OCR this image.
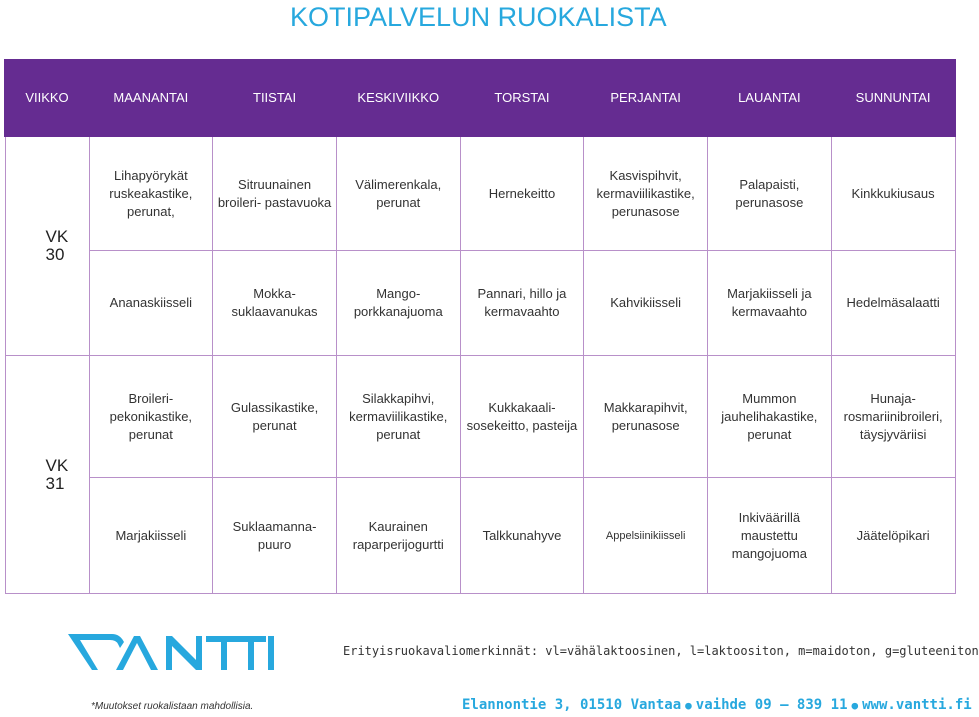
KOTIPALVELUN RUOKALISTA
VIIKKO	MAANANTAI	TIISTAI	KESKIVIIKKO	TORSTAI	PERJANTAI	LAUANTAI	SUNNUNTAI

VK 30	Lihapyörykät ruskeakastike, perunat,	Sitruunainen broileri- pastavuoka	Välimerenkala, perunat	Hernekeitto	Kasvispihvit, kermaviilikastike, perunasose	Palapaisti, perunasose	Kinkkukiusaus
	Ananaskiisseli	Mokka- suklaavanukas	Mango- porkkanajuoma	Pannari, hillo ja kermavaahto	Kahvikiisseli	Marjakiisseli ja kermavaahto	Hedelmäsalaatti

VK 31	Broileri- pekonikastike, perunat	Gulassikastike, perunat	Silakkapihvi, kermaviilikastike, perunat	Kukkakaali- sosekeitto, pasteija	Makkarapihvit, perunasose	Mummon jauhelihakastike, perunat	Hunaja- rosmariinibroileri, täysjyväriisi
	Marjakiisseli	Suklaamanna- puuro	Kaurainen raparperijogurtti	Talkkunahyve	Appelsiinikiisseli	Inkiväärillä maustettu mangojuoma	Jäätelöpikari
Erityisruokavaliomerkinnät: vl=vähälaktoosinen, l=laktoositon, m=maidoton, g=gluteeniton
*Muutokset ruokalistaan mahdollisia.	Elannontie 3, 01510 Vantaa ● vaihde 09 – 839 11 ● www.vantti.fi
